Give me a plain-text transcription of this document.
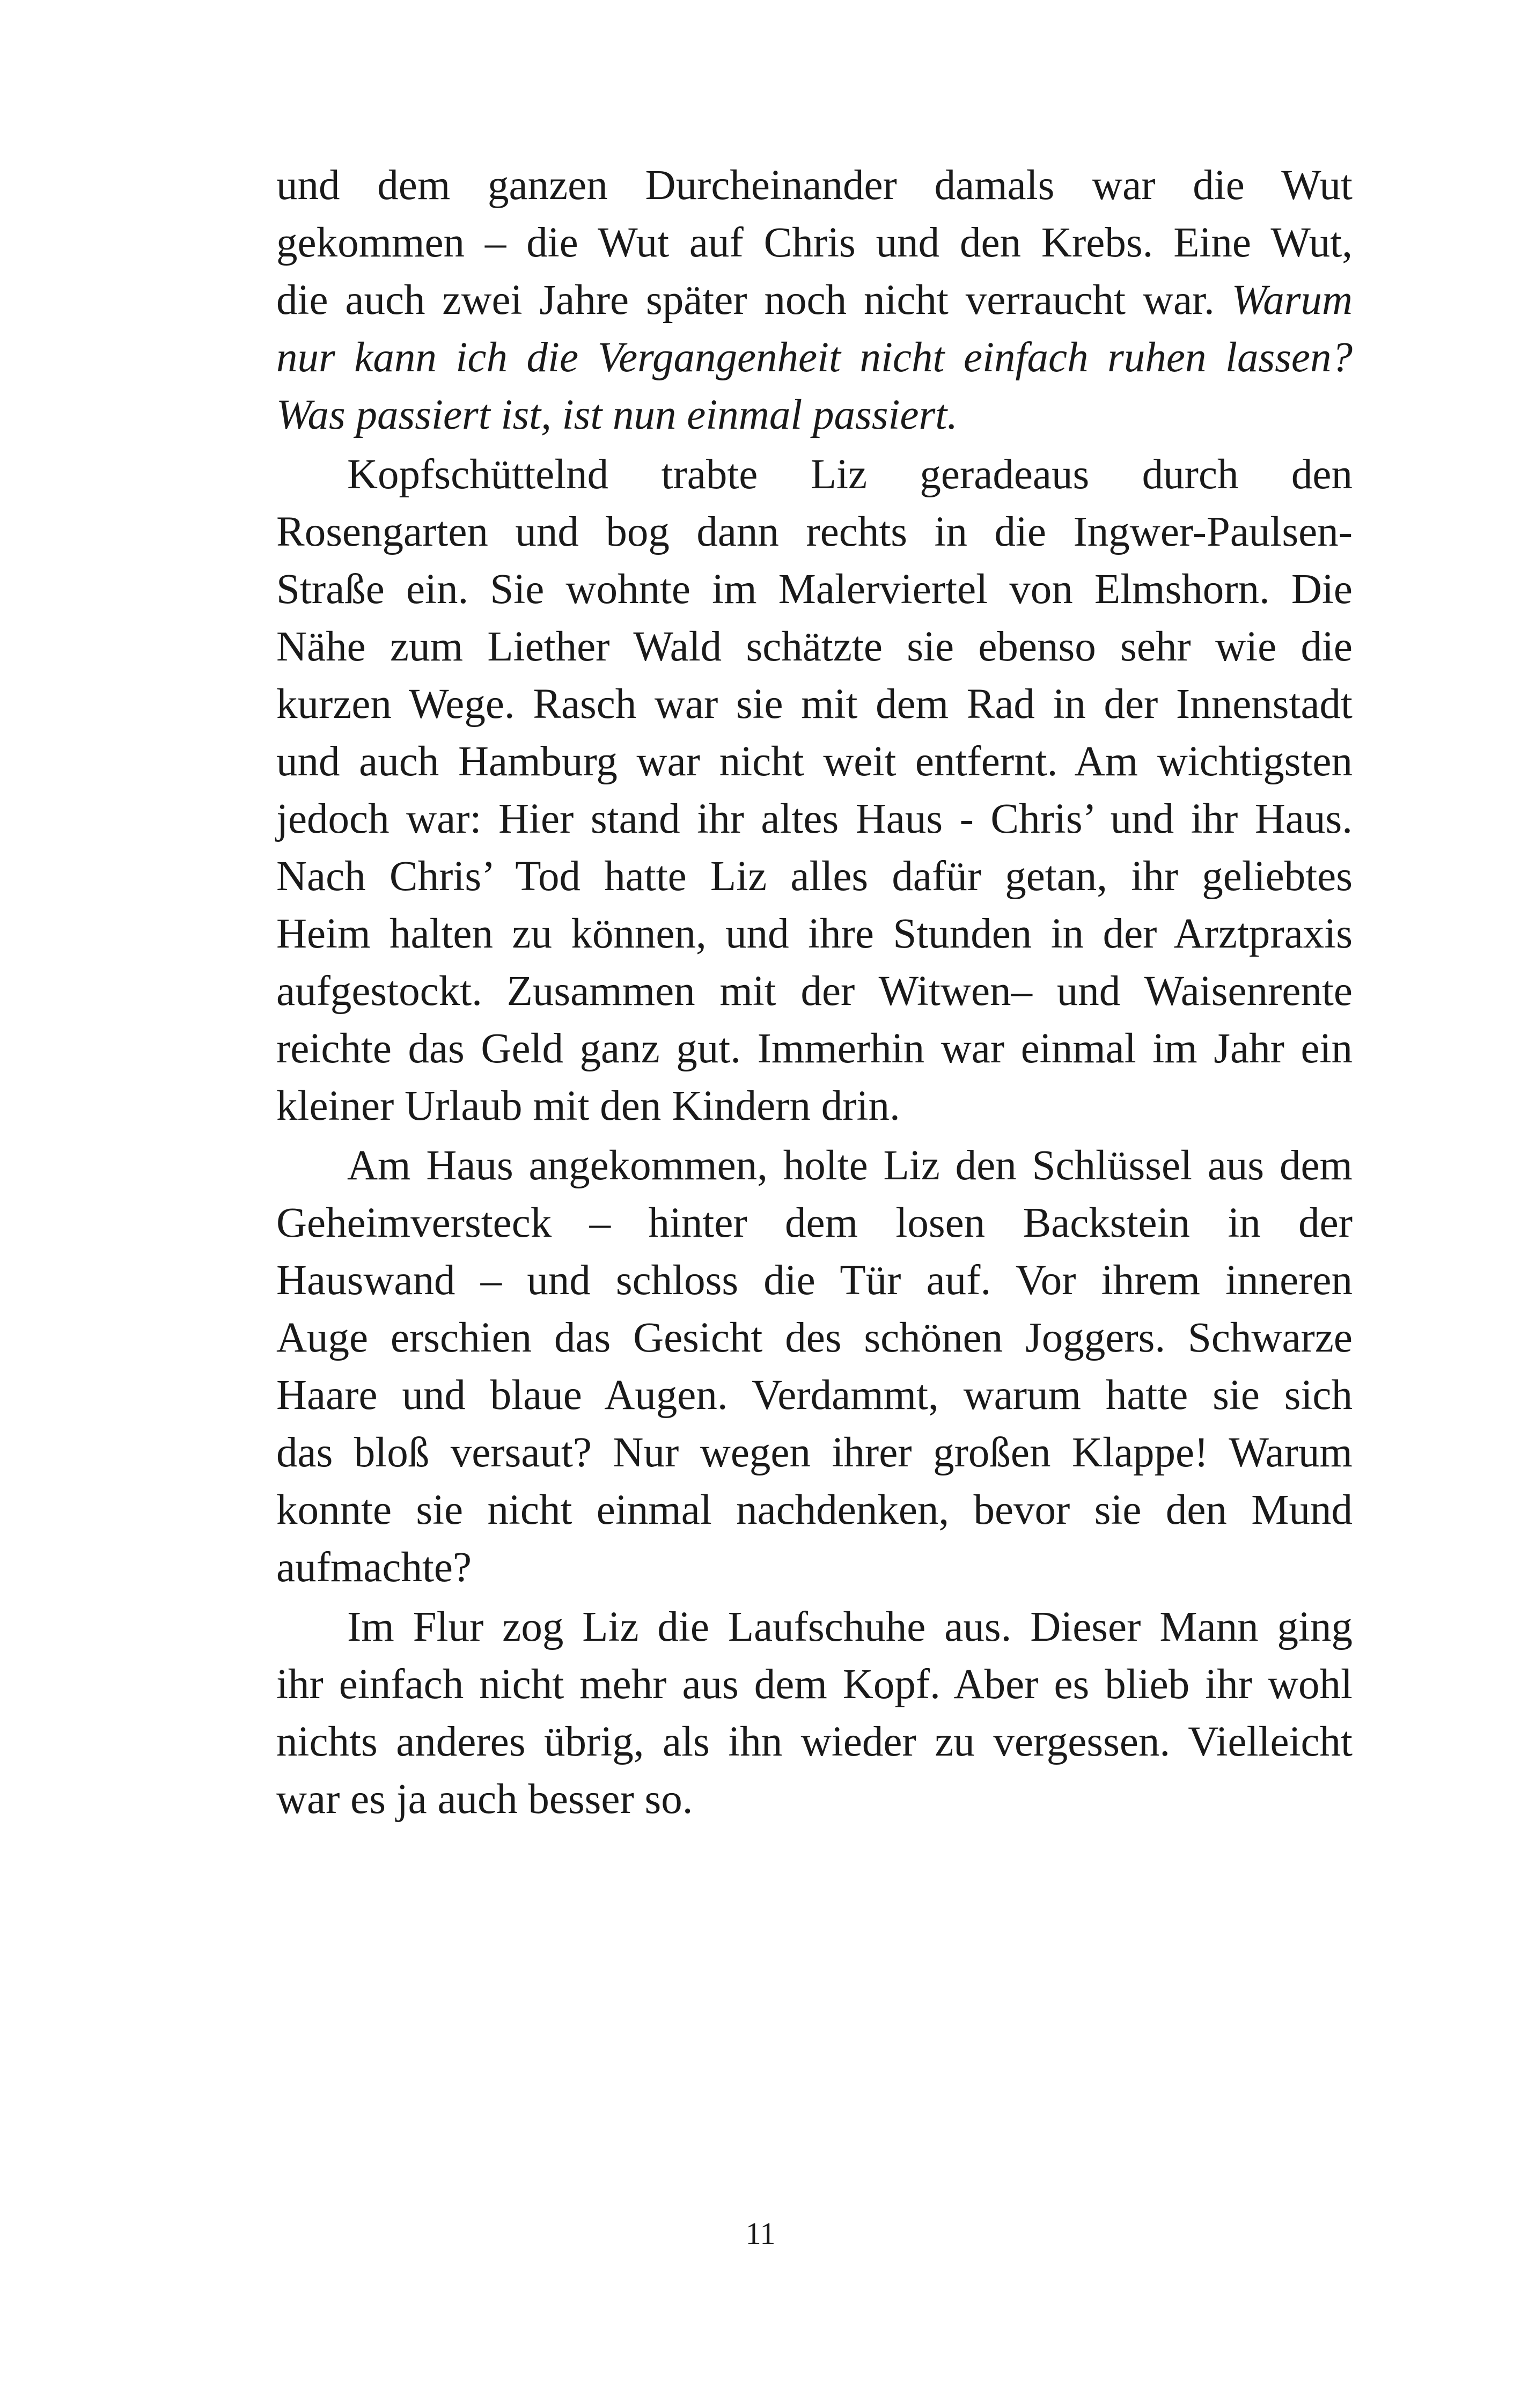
und dem ganzen Durcheinander damals war die Wut
gekommen – die Wut auf Chris und den Krebs. Eine Wut,
die auch zwei Jahre später noch nicht verraucht war. Warum
nur kann ich die Vergangenheit nicht einfach ruhen lassen?
Was passiert ist, ist nun einmal passiert.
Kopfschüttelnd trabte Liz geradeaus durch den
Rosengarten und bog dann rechts in die Ingwer-Paulsen-
Straße ein. Sie wohnte im Malerviertel von Elmshorn. Die
Nähe zum Liether Wald schätzte sie ebenso sehr wie die
kurzen Wege. Rasch war sie mit dem Rad in der Innenstadt
und auch Hamburg war nicht weit entfernt. Am wichtigsten
jedoch war: Hier stand ihr altes Haus - Chris’ und ihr Haus.
Nach Chris’ Tod hatte Liz alles dafür getan, ihr geliebtes
Heim halten zu können, und ihre Stunden in der Arztpraxis
aufgestockt. Zusammen mit der Witwen– und Waisenrente
reichte das Geld ganz gut. Immerhin war einmal im Jahr ein
kleiner Urlaub mit den Kindern drin.
Am Haus angekommen, holte Liz den Schlüssel aus dem
Geheimversteck – hinter dem losen Backstein in der
Hauswand – und schloss die Tür auf. Vor ihrem inneren
Auge erschien das Gesicht des schönen Joggers. Schwarze
Haare und blaue Augen. Verdammt, warum hatte sie sich
das bloß versaut? Nur wegen ihrer großen Klappe! Warum
konnte sie nicht einmal nachdenken, bevor sie den Mund
aufmachte?
Im Flur zog Liz die Laufschuhe aus. Dieser Mann ging
ihr einfach nicht mehr aus dem Kopf. Aber es blieb ihr wohl
nichts anderes übrig, als ihn wieder zu vergessen. Vielleicht
war es ja auch besser so.
11
